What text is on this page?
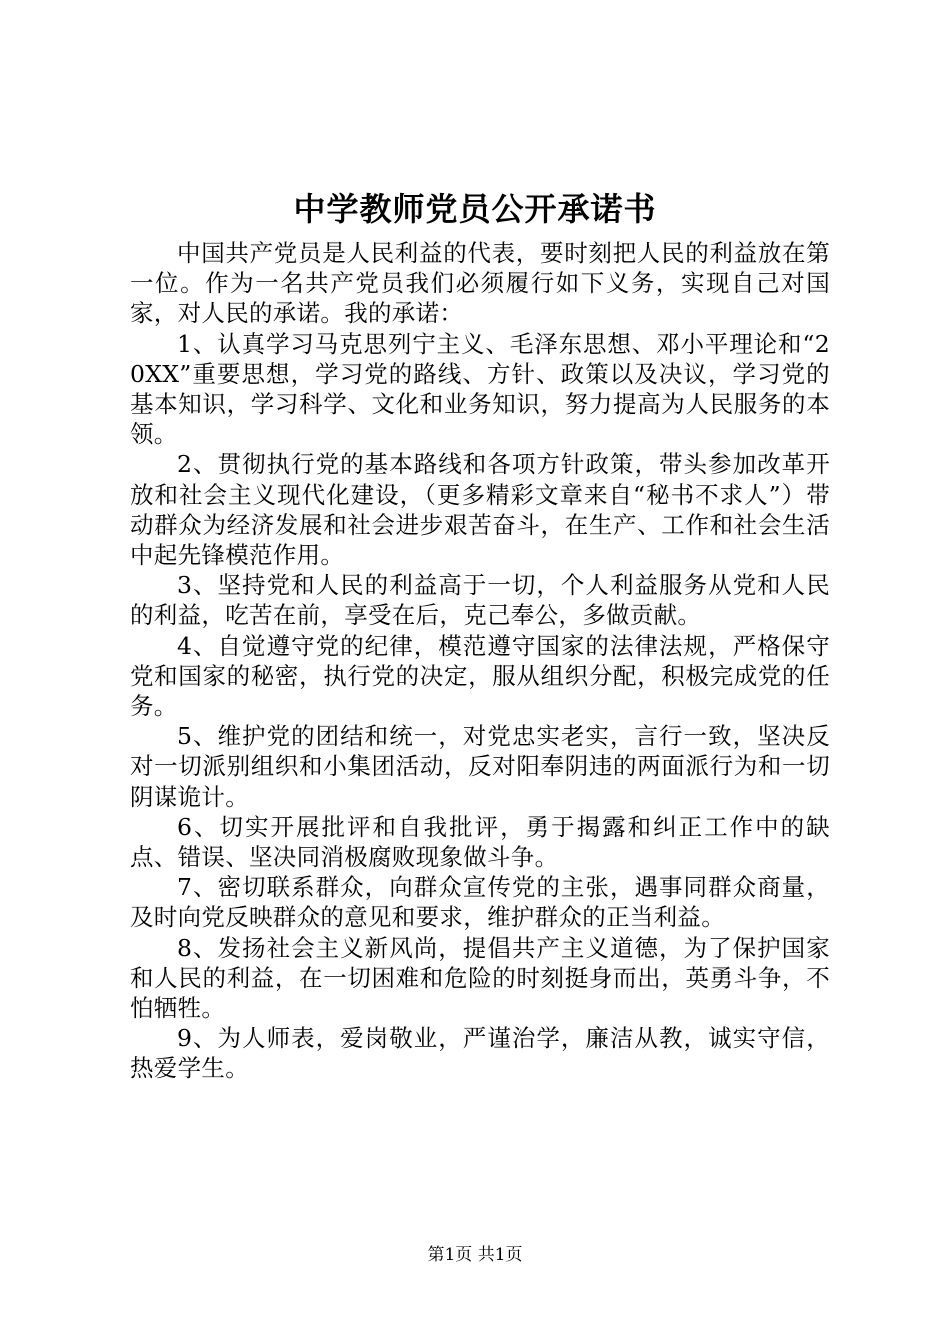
中学教师党员公开承诺书

中国共产党员是人民利益的代表，要时刻把人民的利益放在第一位。作为一名共产党员我们必须履行如下义务，实现自己对国家，对人民的承诺。我的承诺：

1、认真学习马克思列宁主义、毛泽东思想、邓小平理论和“20XX”重要思想，学习党的路线、方针、政策以及决议，学习党的基本知识，学习科学、文化和业务知识，努力提高为人民服务的本领。

2、贯彻执行党的基本路线和各项方针政策，带头参加改革开放和社会主义现代化建设，（更多精彩文章来自“秘书不求人”）带动群众为经济发展和社会进步艰苦奋斗，在生产、工作和社会生活中起先锋模范作用。

3、坚持党和人民的利益高于一切，个人利益服务从党和人民的利益，吃苦在前，享受在后，克己奉公，多做贡献。

4、自觉遵守党的纪律，模范遵守国家的法律法规，严格保守党和国家的秘密，执行党的决定，服从组织分配，积极完成党的任务。

5、维护党的团结和统一，对党忠实老实，言行一致，坚决反对一切派别组织和小集团活动，反对阳奉阴违的两面派行为和一切阴谋诡计。

6、切实开展批评和自我批评，勇于揭露和纠正工作中的缺点、错误、坚决同消极腐败现象做斗争。

7、密切联系群众，向群众宣传党的主张，遇事同群众商量，及时向党反映群众的意见和要求，维护群众的正当利益。

8、发扬社会主义新风尚，提倡共产主义道德，为了保护国家和人民的利益，在一切困难和危险的时刻挺身而出，英勇斗争，不怕牺牲。

9、为人师表，爱岗敬业，严谨治学，廉洁从教，诚实守信，热爱学生。

第1页 共1页
